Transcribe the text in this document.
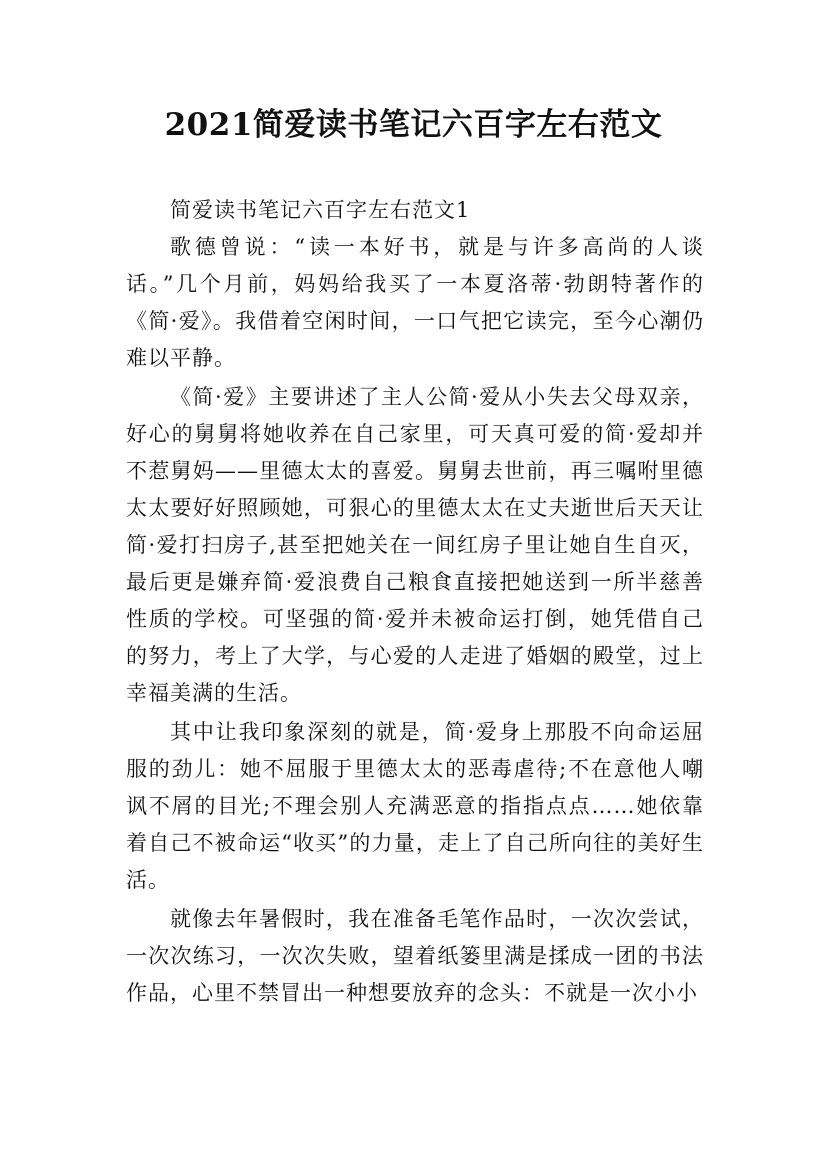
2021简爱读书笔记六百字左右范文

简爱读书笔记六百字左右范文1

歌德曾说：“读一本好书，就是与许多高尚的人谈话。”几个月前，妈妈给我买了一本夏洛蒂·勃朗特著作的《简·爱》。我借着空闲时间，一口气把它读完，至今心潮仍难以平静。

《简·爱》主要讲述了主人公简·爱从小失去父母双亲，好心的舅舅将她收养在自己家里，可天真可爱的简·爱却并不惹舅妈——里德太太的喜爱。舅舅去世前，再三嘱咐里德太太要好好照顾她，可狠心的里德太太在丈夫逝世后天天让简·爱打扫房子,甚至把她关在一间红房子里让她自生自灭，最后更是嫌弃简·爱浪费自己粮食直接把她送到一所半慈善性质的学校。可坚强的简·爱并未被命运打倒，她凭借自己的努力，考上了大学，与心爱的人走进了婚姻的殿堂，过上幸福美满的生活。

其中让我印象深刻的就是，简·爱身上那股不向命运屈服的劲儿：她不屈服于里德太太的恶毒虐待;不在意他人嘲讽不屑的目光;不理会别人充满恶意的指指点点……她依靠着自己不被命运“收买”的力量，走上了自己所向往的美好生活。

就像去年暑假时，我在准备毛笔作品时，一次次尝试，一次次练习，一次次失败，望着纸篓里满是揉成一团的书法作品，心里不禁冒出一种想要放弃的念头：不就是一次小小
